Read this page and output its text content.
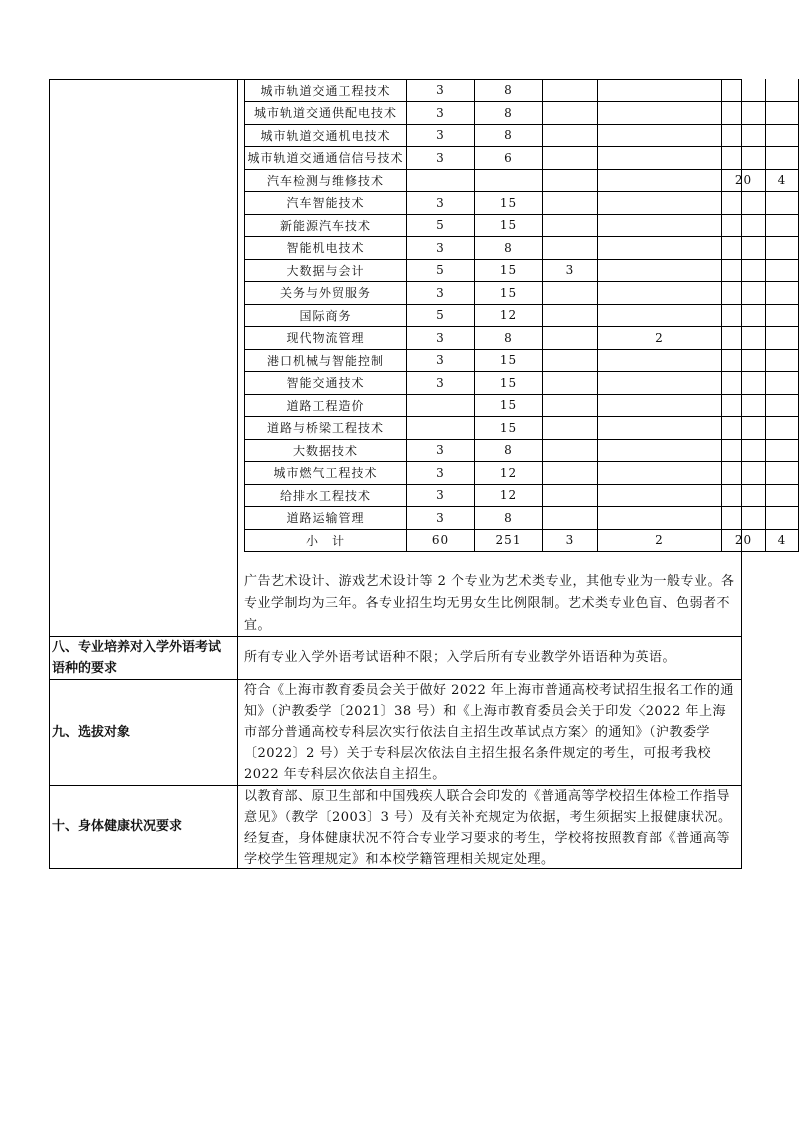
城市轨道交通工程技术	3	8				
城市轨道交通供配电技术	3	8				
城市轨道交通机电技术	3	8				
城市轨道交通通信信号技术	3	6				
汽车检测与维修技术					20	4
汽车智能技术	3	15				
新能源汽车技术	5	15				
智能机电技术	3	8				
大数据与会计	5	15	3			
关务与外贸服务	3	15				
国际商务	5	12				
现代物流管理	3	8		2		
港口机械与智能控制	3	15				
智能交通技术	3	15				
道路工程造价		15				
道路与桥梁工程技术		15				
大数据技术	3	8				
城市燃气工程技术	3	12				
给排水工程技术	3	12				
道路运输管理	3	8				
小　计	60	251	3	2	20	4
广告艺术设计、游戏艺术设计等 2 个专业为艺术类专业，其他专业为一般专业。各专业学制均为三年。各专业招生均无男女生比例限制。艺术类专业色盲、色弱者不宜。
八、专业培养对入学外语考试语种的要求
所有专业入学外语考试语种不限；入学后所有专业教学外语语种为英语。
九、选拔对象
符合《上海市教育委员会关于做好 2022 年上海市普通高校考试招生报名工作的通知》（沪教委学〔2021〕38 号）和《上海市教育委员会关于印发〈2022 年上海市部分普通高校专科层次实行依法自主招生改革试点方案〉的通知》（沪教委学〔2022〕2 号）关于专科层次依法自主招生报名条件规定的考生，可报考我校 2022 年专科层次依法自主招生。
十、身体健康状况要求
以教育部、原卫生部和中国残疾人联合会印发的《普通高等学校招生体检工作指导意见》（教学〔2003〕3 号）及有关补充规定为依据，考生须据实上报健康状况。经复查，身体健康状况不符合专业学习要求的考生，学校将按照教育部《普通高等学校学生管理规定》和本校学籍管理相关规定处理。
